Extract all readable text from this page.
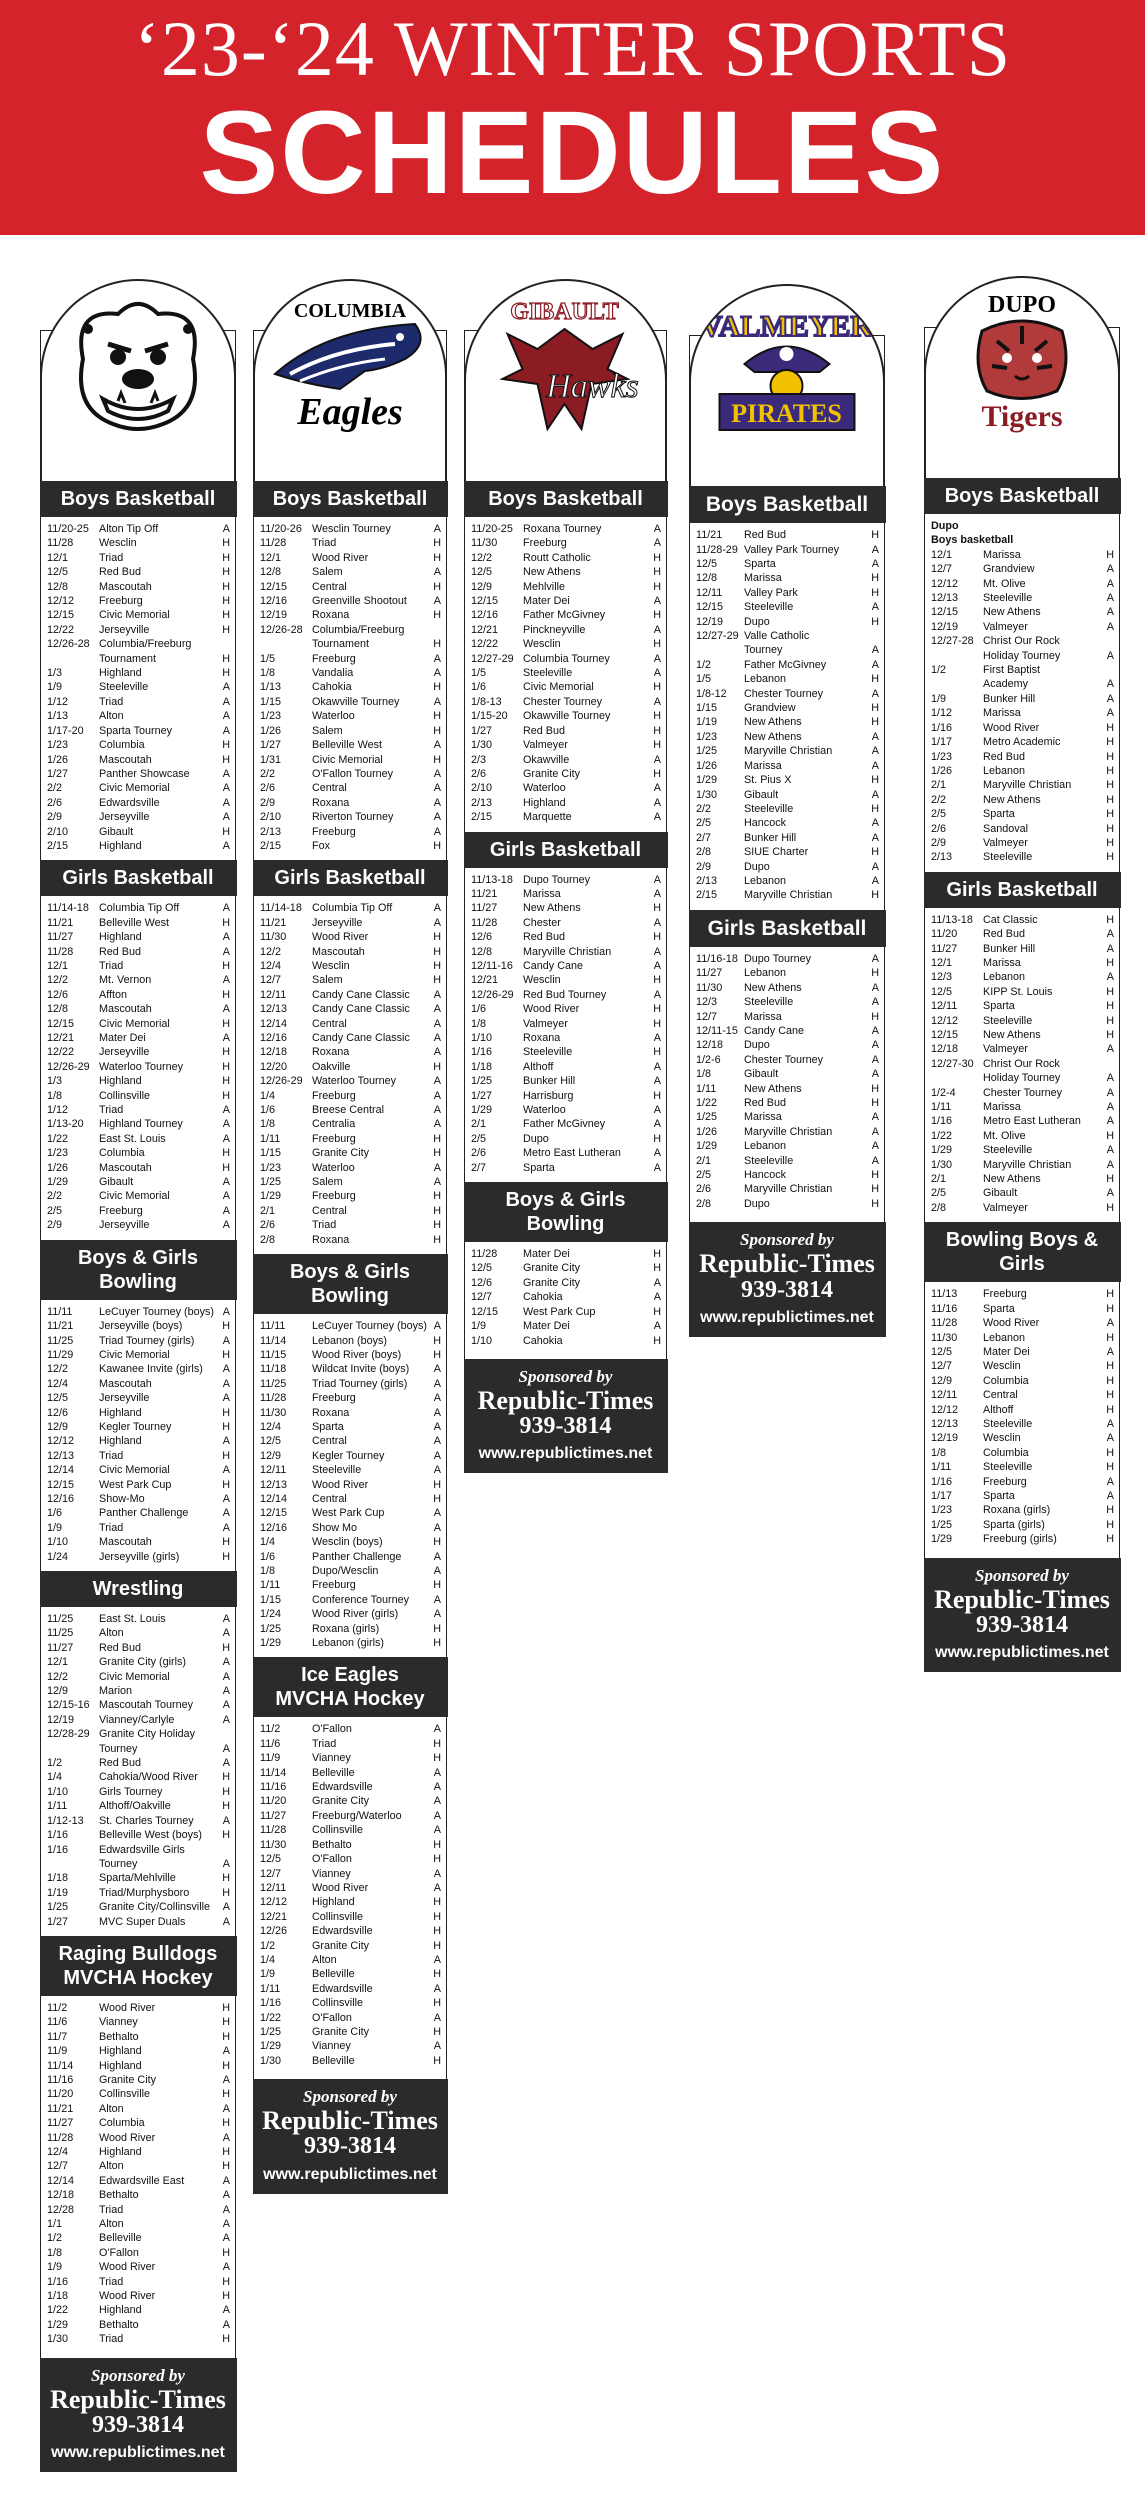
‘23-‘24 WINTER SPORTS
SCHEDULES
Boys Basketball
11/20-25 Alton Tip Off	A
11/28	Wesclin	H
12/1	Triad	H
12/5	Red Bud	H
12/8	Mascoutah	H
12/12	Freeburg	H
12/15	Civic Memorial	H
12/22	Jerseyville	H
12/26-28 Columbia/Freeburg
Tournament	H
1/3	Highland	H
1/9	Steeleville	A
1/12	Triad	A
1/13	Alton	A
1/17-20	Sparta Tourney	A
1/23	Columbia	H
1/26	Mascoutah	H
1/27	Panther Showcase	A
2/2	Civic Memorial	A
2/6	Edwardsville	A
2/9	Jerseyville	A
2/10	Gibault	H
2/15	Highland	A
Girls Basketball
11/14-18 Columbia Tip Off	A
11/21	Belleville West	H
11/27	Highland	A
11/28	Red Bud	A
12/1	Triad	H
12/2	Mt. Vernon	A
12/6	Affton	H
12/8	Mascoutah	A
12/15	Civic Memorial	H
12/21	Mater Dei	A
12/22	Jerseyville	H
12/26-29 Waterloo Tourney	H
1/3	Highland	H
1/8	Collinsville	H
1/12	Triad	A
1/13-20	Highland Tourney	A
1/22	East St. Louis	A
1/23	Columbia	H
1/26	Mascoutah	H
1/29	Gibault	A
2/2	Civic Memorial	A
2/5	Freeburg	A
2/9	Jerseyville	A
Boys & Girls Bowling
11/11	LeCuyer Tourney (boys) A
11/21	Jerseyville (boys)	H
11/25	Triad Tourney (girls)	A
11/29	Civic Memorial	H
12/2	Kawanee Invite (girls)	A
12/4	Mascoutah	A
12/5	Jerseyville	A
12/6	Highland	H
12/9	Kegler Tourney	H
12/12	Highland	A
12/13	Triad	H
12/14	Civic Memorial	A
12/15	West Park Cup	H
12/16	Show-Mo	A
1/6	Panther Challenge	A
1/9	Triad	A
1/10	Mascoutah	H
1/24	Jerseyville (girls)	H
Wrestling
11/25	East St. Louis	A
11/25	Alton	A
11/27	Red Bud	H
12/1	Granite City (girls)	A
12/2	Civic Memorial	A
12/9	Marion	A
12/15-16 Mascoutah Tourney	A
12/19	Vianney/Carlyle	A
12/28-29 Granite City Holiday
Tourney	A
1/2	Red Bud	A
1/4	Cahokia/Wood River	H
1/10	Girls Tourney	H
1/11	Althoff/Oakville	H
1/12-13	St. Charles Tourney	A
1/16	Belleville West (boys)	H
1/16	Edwardsville Girls
Tourney	A
1/18	Sparta/Mehlville	H
1/19	Triad/Murphysboro	H
1/25	Granite City/Collinsville	A
1/27	MVC Super Duals	A
Raging Bulldogs
MVCHA Hockey
11/2	Wood River	H
11/6	Vianney	H
11/7	Bethalto	H
11/9	Highland	A
11/14	Highland	H
11/16	Granite City	A
11/20	Collinsville	H
11/21	Alton	A
11/27	Columbia	H
11/28	Wood River	A
12/4	Highland	H
12/7	Alton	H
12/14	Edwardsville East	A
12/18	Bethalto	A
12/28	Triad	A
1/1	Alton	A
1/2	Belleville	A
1/8	O'Fallon	H
1/9	Wood River	A
1/16	Triad	H
1/18	Wood River	H
1/22	Highland	A
1/29	Bethalto	A
1/30	Triad	H
Sponsored by
Republic-Times
939-3814
www.republictimes.net
COLUMBIA
Eagles
Boys Basketball
11/20-26 Wesclin Tourney	A
11/28	Triad	H
12/1	Wood River	H
12/8	Salem	A
12/15	Central	H
12/16	Greenville Shootout	A
12/19	Roxana	H
12/26-28 Columbia/Freeburg
Tournament	H
1/5	Freeburg	A
1/8	Vandalia	A
1/13	Cahokia	H
1/15	Okawville Tourney	A
1/23	Waterloo	H
1/26	Salem	H
1/27	Belleville West	A
1/31	Civic Memorial	H
2/2	O'Fallon Tourney	A
2/6	Central	A
2/9	Roxana	A
2/10	Riverton Tourney	A
2/13	Freeburg	A
2/15	Fox	H
Girls Basketball
11/14-18 Columbia Tip Off	A
11/21	Jerseyville	A
11/30	Wood River	H
12/2	Mascoutah	H
12/4	Wesclin	H
12/7	Salem	H
12/11	Candy Cane Classic	A
12/13	Candy Cane Classic	A
12/14	Central	A
12/16	Candy Cane Classic	A
12/18	Roxana	A
12/20	Oakville	H
12/26-29 Waterloo Tourney	A
1/4	Freeburg	A
1/6	Breese Central	A
1/8	Centralia	A
1/11	Freeburg	H
1/15	Granite City	H
1/23	Waterloo	A
1/25	Salem	A
1/29	Freeburg	H
2/1	Central	H
2/6	Triad	H
2/8	Roxana	H
Boys & Girls Bowling
11/11	LeCuyer Tourney (boys) A
11/14	Lebanon (boys)	H
11/15	Wood River (boys)	H
11/18	Wildcat Invite (boys)	A
11/25	Triad Tourney (girls)	A
11/28	Freeburg	A
11/30	Roxana	A
12/4	Sparta	A
12/5	Central	A
12/9	Kegler Tourney	A
12/11	Steeleville	A
12/13	Wood River	H
12/14	Central	H
12/15	West Park Cup	A
12/16	Show Mo	A
1/4	Wesclin (boys)	H
1/6	Panther Challenge	A
1/8	Dupo/Wesclin	A
1/11	Freeburg	H
1/15	Conference Tourney	A
1/24	Wood River (girls)	A
1/25	Roxana (girls)	H
1/29	Lebanon (girls)	H
Ice Eagles
MVCHA Hockey
11/2	O'Fallon	A
11/6	Triad	H
11/9	Vianney	H
11/14	Belleville	A
11/16	Edwardsville	A
11/20	Granite City	A
11/27	Freeburg/Waterloo	A
11/28	Collinsville	A
11/30	Bethalto	H
12/5	O'Fallon	H
12/7	Vianney	A
12/11	Wood River	A
12/12	Highland	H
12/21	Collinsville	H
12/26	Edwardsville	H
1/2	Granite City	H
1/4	Alton	A
1/9	Belleville	H
1/11	Edwardsville	A
1/16	Collinsville	H
1/22	O'Fallon	A
1/25	Granite City	H
1/29	Vianney	A
1/30	Belleville	H
Sponsored by
Republic-Times
939-3814
www.republictimes.net
GIBAULT
Hawks
Boys Basketball
11/20-25 Roxana Tourney	A
11/30	Freeburg	A
12/2	Routt Catholic	H
12/5	New Athens	H
12/9	Mehlville	H
12/15	Mater Dei	A
12/16	Father McGivney	H
12/21	Pinckneyville	A
12/22	Wesclin	H
12/27-29 Columbia Tourney	A
1/5	Steeleville	A
1/6	Civic Memorial	H
1/8-13	Chester Tourney	A
1/15-20	Okawville Tourney	H
1/27	Red Bud	H
1/30	Valmeyer	H
2/3	Okawville	A
2/6	Granite City	H
2/10	Waterloo	A
2/13	Highland	A
2/15	Marquette	A
Girls Basketball
11/13-18 Dupo Tourney	A
11/21	Marissa	A
11/27	New Athens	H
11/28	Chester	A
12/6	Red Bud	H
12/8	Maryville Christian	A
12/11-16 Candy Cane	A
12/21	Wesclin	H
12/26-29 Red Bud Tourney	A
1/6	Wood River	H
1/8	Valmeyer	H
1/10	Roxana	A
1/16	Steeleville	H
1/18	Althoff	A
1/25	Bunker Hill	A
1/27	Harrisburg	H
1/29	Waterloo	A
2/1	Father McGivney	A
2/5	Dupo	H
2/6	Metro East Lutheran	A
2/7	Sparta	A
Boys & Girls Bowling
11/28	Mater Dei	H
12/5	Granite City	H
12/6	Granite City	A
12/7	Cahokia	A
12/15	West Park Cup	H
1/9	Mater Dei	A
1/10	Cahokia	H
Sponsored by
Republic-Times
939-3814
www.republictimes.net
VALMEYER
PIRATES
Boys Basketball
11/21	Red Bud	H
11/28-29 Valley Park Tourney	A
12/5	Sparta	A
12/8	Marissa	H
12/11	Valley Park	H
12/15	Steeleville	A
12/19	Dupo	H
12/27-29 Valle Catholic
Tourney	A
1/2	Father McGivney	A
1/5	Lebanon	H
1/8-12	Chester Tourney	A
1/15	Grandview	H
1/19	New Athens	H
1/23	New Athens	A
1/25	Maryville Christian	A
1/26	Marissa	A
1/29	St. Pius X	H
1/30	Gibault	A
2/2	Steeleville	H
2/5	Hancock	A
2/7	Bunker Hill	A
2/8	SIUE Charter	H
2/9	Dupo	A
2/13	Lebanon	A
2/15	Maryville Christian	H
Girls Basketball
11/16-18 Dupo Tourney	A
11/27	Lebanon	H
11/30	New Athens	A
12/3	Steeleville	A
12/7	Marissa	H
12/11-15 Candy Cane	A
12/18	Dupo	A
1/2-6	Chester Tourney	A
1/8	Gibault	A
1/11	New Athens	H
1/22	Red Bud	H
1/25	Marissa	A
1/26	Maryville Christian	A
1/29	Lebanon	A
2/1	Steeleville	A
2/5	Hancock	H
2/6	Maryville Christian	H
2/8	Dupo	H
Sponsored by
Republic-Times
939-3814
www.republictimes.net
DUPO
Tigers
Boys Basketball
Dupo
Boys basketball
12/1	Marissa	H
12/7	Grandview	A
12/12	Mt. Olive	A
12/13	Steeleville	A
12/15	New Athens	A
12/19	Valmeyer	A
12/27-28 Christ Our Rock
Holiday Tourney	A
1/2	First Baptist
Academy	A
1/9	Bunker Hill	A
1/12	Marissa	A
1/16	Wood River	H
1/17	Metro Academic	H
1/23	Red Bud	H
1/26	Lebanon	H
2/1	Maryville Christian	H
2/2	New Athens	H
2/5	Sparta	H
2/6	Sandoval	H
2/9	Valmeyer	H
2/13	Steeleville	H
Girls Basketball
11/13-18 Cat Classic	H
11/20	Red Bud	A
11/27	Bunker Hill	A
12/1	Marissa	H
12/3	Lebanon	A
12/5	KIPP St. Louis	H
12/11	Sparta	H
12/12	Steeleville	H
12/15	New Athens	H
12/18	Valmeyer	A
12/27-30 Christ Our Rock
Holiday Tourney	A
1/2-4	Chester Tourney	A
1/11	Marissa	A
1/16	Metro East Lutheran	A
1/22	Mt. Olive	H
1/29	Steeleville	A
1/30	Maryville Christian	A
2/1	New Athens	H
2/5	Gibault	A
2/8	Valmeyer	H
Bowling Boys & Girls
11/13	Freeburg	H
11/16	Sparta	H
11/28	Wood River	A
11/30	Lebanon	H
12/5	Mater Dei	A
12/7	Wesclin	H
12/9	Columbia	H
12/11	Central	H
12/12	Althoff	H
12/13	Steeleville	A
12/19	Wesclin	A
1/8	Columbia	H
1/11	Steeleville	H
1/16	Freeburg	A
1/17	Sparta	A
1/23	Roxana (girls)	H
1/25	Sparta (girls)	H
1/29	Freeburg (girls)	H
Sponsored by
Republic-Times
939-3814
www.republictimes.net
